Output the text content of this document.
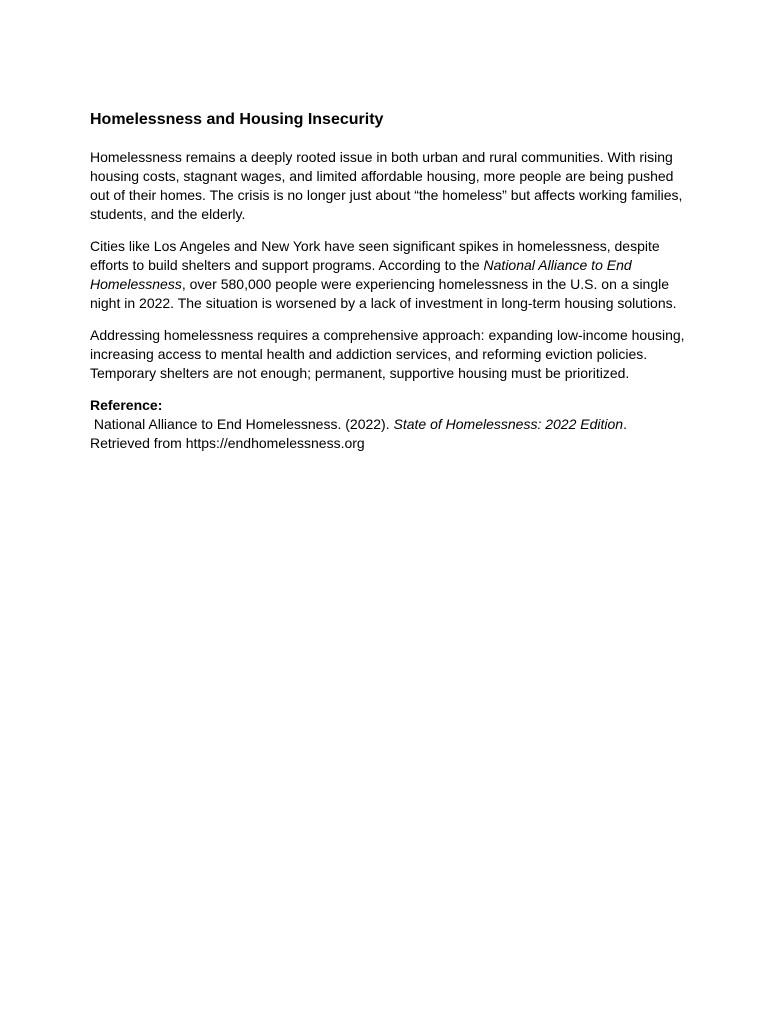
Homelessness and Housing Insecurity

Homelessness remains a deeply rooted issue in both urban and rural communities. With rising housing costs, stagnant wages, and limited affordable housing, more people are being pushed out of their homes. The crisis is no longer just about “the homeless” but affects working families, students, and the elderly.

Cities like Los Angeles and New York have seen significant spikes in homelessness, despite efforts to build shelters and support programs. According to the National Alliance to End Homelessness, over 580,000 people were experiencing homelessness in the U.S. on a single night in 2022. The situation is worsened by a lack of investment in long-term housing solutions.

Addressing homelessness requires a comprehensive approach: expanding low-income housing, increasing access to mental health and addiction services, and reforming eviction policies. Temporary shelters are not enough; permanent, supportive housing must be prioritized.

Reference:

National Alliance to End Homelessness. (2022). State of Homelessness: 2022 Edition.
Retrieved from https://endhomelessness.org
